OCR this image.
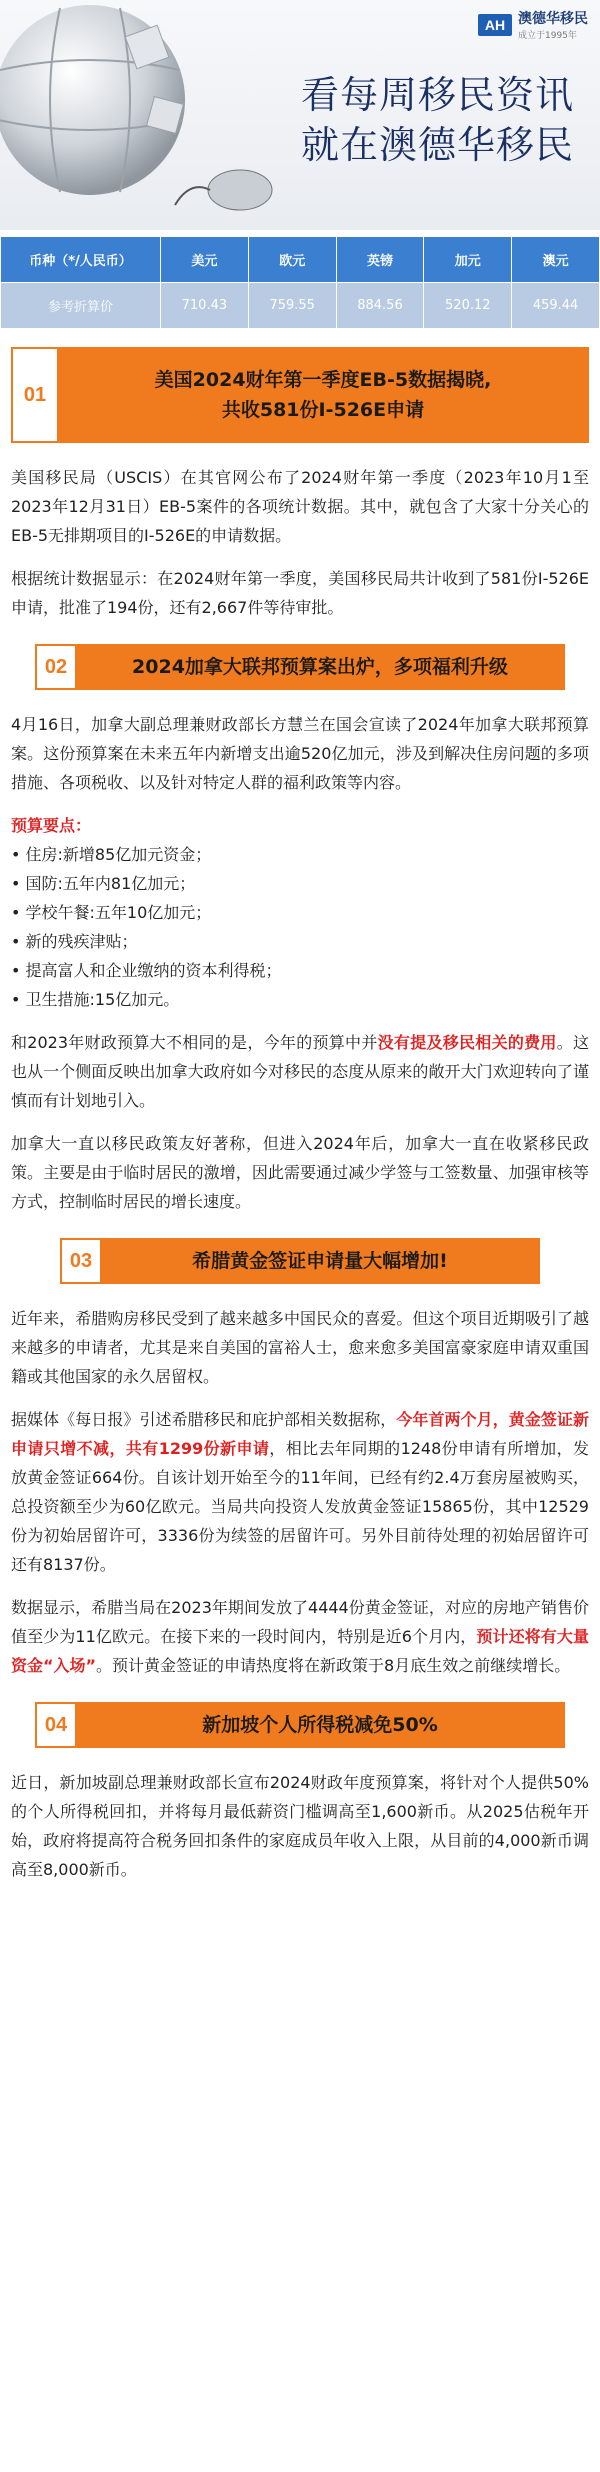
AH 澳德华移民
成立于1995年
看每周移民资讯
就在澳德华移民
币种（*/人民币）	美元	欧元	英镑	加元	澳元
参考折算价	710.43	759.55	884.56	520.12	459.44
01
美国2024财年第一季度EB-5数据揭晓,
共收581份I-526E申请

美国移民局（USCIS）在其官网公布了2024财年第一季度（2023年10月1至2023年12月31日）EB-5案件的各项统计数据。其中，就包含了大家十分关心的EB-5无排期项目的I-526E的申请数据。

根据统计数据显示：在2024财年第一季度，美国移民局共计收到了581份I-526E申请，批准了194份，还有2,667件等待审批。

02	2024加拿大联邦预算案出炉，多项福利升级

4月16日，加拿大副总理兼财政部长方慧兰在国会宣读了2024年加拿大联邦预算案。这份预算案在未来五年内新增支出逾520亿加元，涉及到解决住房问题的多项措施、各项税收、以及针对特定人群的福利政策等内容。

预算要点：
• 住房:新增85亿加元资金；
• 国防:五年内81亿加元；
• 学校午餐:五年10亿加元；
• 新的残疾津贴；
• 提高富人和企业缴纳的资本利得税；
• 卫生措施:15亿加元。

和2023年财政预算大不相同的是，今年的预算中并没有提及移民相关的费用。这也从一个侧面反映出加拿大政府如今对移民的态度从原来的敞开大门欢迎转向了谨慎而有计划地引入。

加拿大一直以移民政策友好著称，但进入2024年后，加拿大一直在收紧移民政策。主要是由于临时居民的激增，因此需要通过减少学签与工签数量、加强审核等方式，控制临时居民的增长速度。

03	希腊黄金签证申请量大幅增加!

近年来，希腊购房移民受到了越来越多中国民众的喜爱。但这个项目近期吸引了越来越多的申请者，尤其是来自美国的富裕人士，愈来愈多美国富豪家庭申请双重国籍或其他国家的永久居留权。

据媒体《每日报》引述希腊移民和庇护部相关数据称，今年首两个月，黄金签证新申请只增不减，共有1299份新申请，相比去年同期的1248份申请有所增加，发放黄金签证664份。自该计划开始至今的11年间，已经有约2.4万套房屋被购买，总投资额至少为60亿欧元。当局共向投资人发放黄金签证15865份，其中12529份为初始居留许可，3336份为续签的居留许可。另外目前待处理的初始居留许可还有8137份。

数据显示，希腊当局在2023年期间发放了4444份黄金签证，对应的房地产销售价值至少为11亿欧元。在接下来的一段时间内，特别是近6个月内，预计还将有大量资金“入场”。预计黄金签证的申请热度将在新政策于8月底生效之前继续增长。

04	新加坡个人所得税减免50%

近日，新加坡副总理兼财政部长宣布2024财政年度预算案，将针对个人提供50%的个人所得税回扣，并将每月最低薪资门槛调高至1,600新币。从2025估税年开始，政府将提高符合税务回扣条件的家庭成员年收入上限，从目前的4,000新币调高至8,000新币。
